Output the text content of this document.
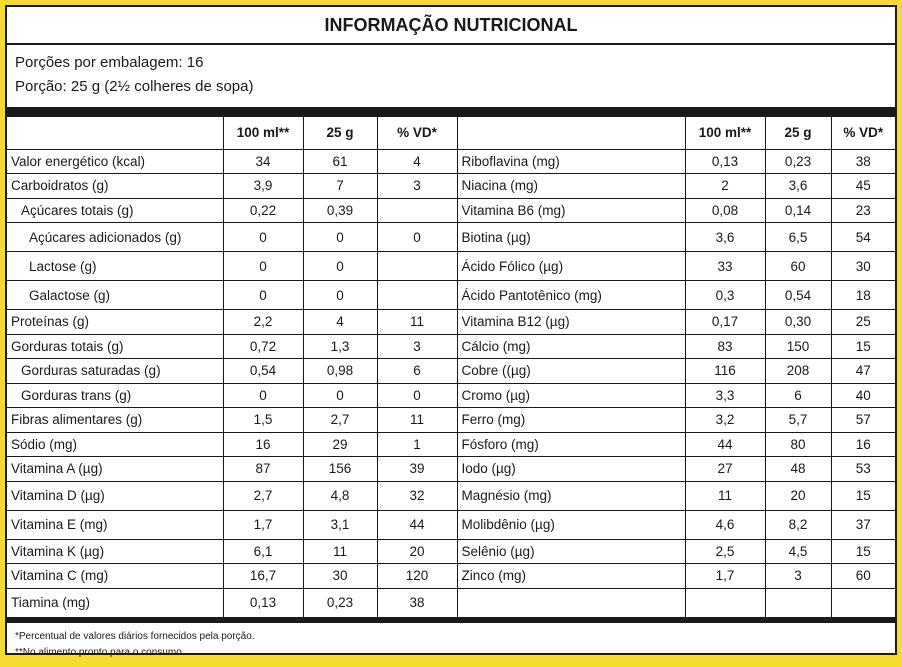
INFORMAÇÃO NUTRICIONAL
Porções por embalagem: 16
Porção: 25 g (2½ colheres de sopa)
	100 ml**	25 g	% VD*		100 ml**	25 g	% VD*
Valor energético (kcal)	34	61	4	Riboflavina (mg)	0,13	0,23	38
Carboidratos (g)	3,9	7	3	Niacina (mg)	2	3,6	45
Açúcares totais (g)	0,22	0,39		Vitamina B6 (mg)	0,08	0,14	23
Açúcares adicionados (g)	0	0	0	Biotina (µg)	3,6	6,5	54
Lactose (g)	0	0		Ácido Fólico (µg)	33	60	30
Galactose (g)	0	0		Ácido Pantotênico (mg)	0,3	0,54	18
Proteínas (g)	2,2	4	11	Vitamina B12 (µg)	0,17	0,30	25
Gorduras totais (g)	0,72	1,3	3	Cálcio (mg)	83	150	15
Gorduras saturadas (g)	0,54	0,98	6	Cobre ((µg)	116	208	47
Gorduras trans (g)	0	0	0	Cromo (µg)	3,3	6	40
Fibras alimentares (g)	1,5	2,7	11	Ferro (mg)	3,2	5,7	57
Sódio (mg)	16	29	1	Fósforo (mg)	44	80	16
Vitamina A (µg)	87	156	39	Iodo (µg)	27	48	53
Vitamina D (µg)	2,7	4,8	32	Magnésio (mg)	11	20	15
Vitamina E (mg)	1,7	3,1	44	Molibdênio (µg)	4,6	8,2	37
Vitamina K (µg)	6,1	11	20	Selênio (µg)	2,5	4,5	15
Vitamina C (mg)	16,7	30	120	Zinco (mg)	1,7	3	60
Tiamina (mg)	0,13	0,23	38				
*Percentual de valores diários fornecidos pela porção.
**No alimento pronto para o consumo
